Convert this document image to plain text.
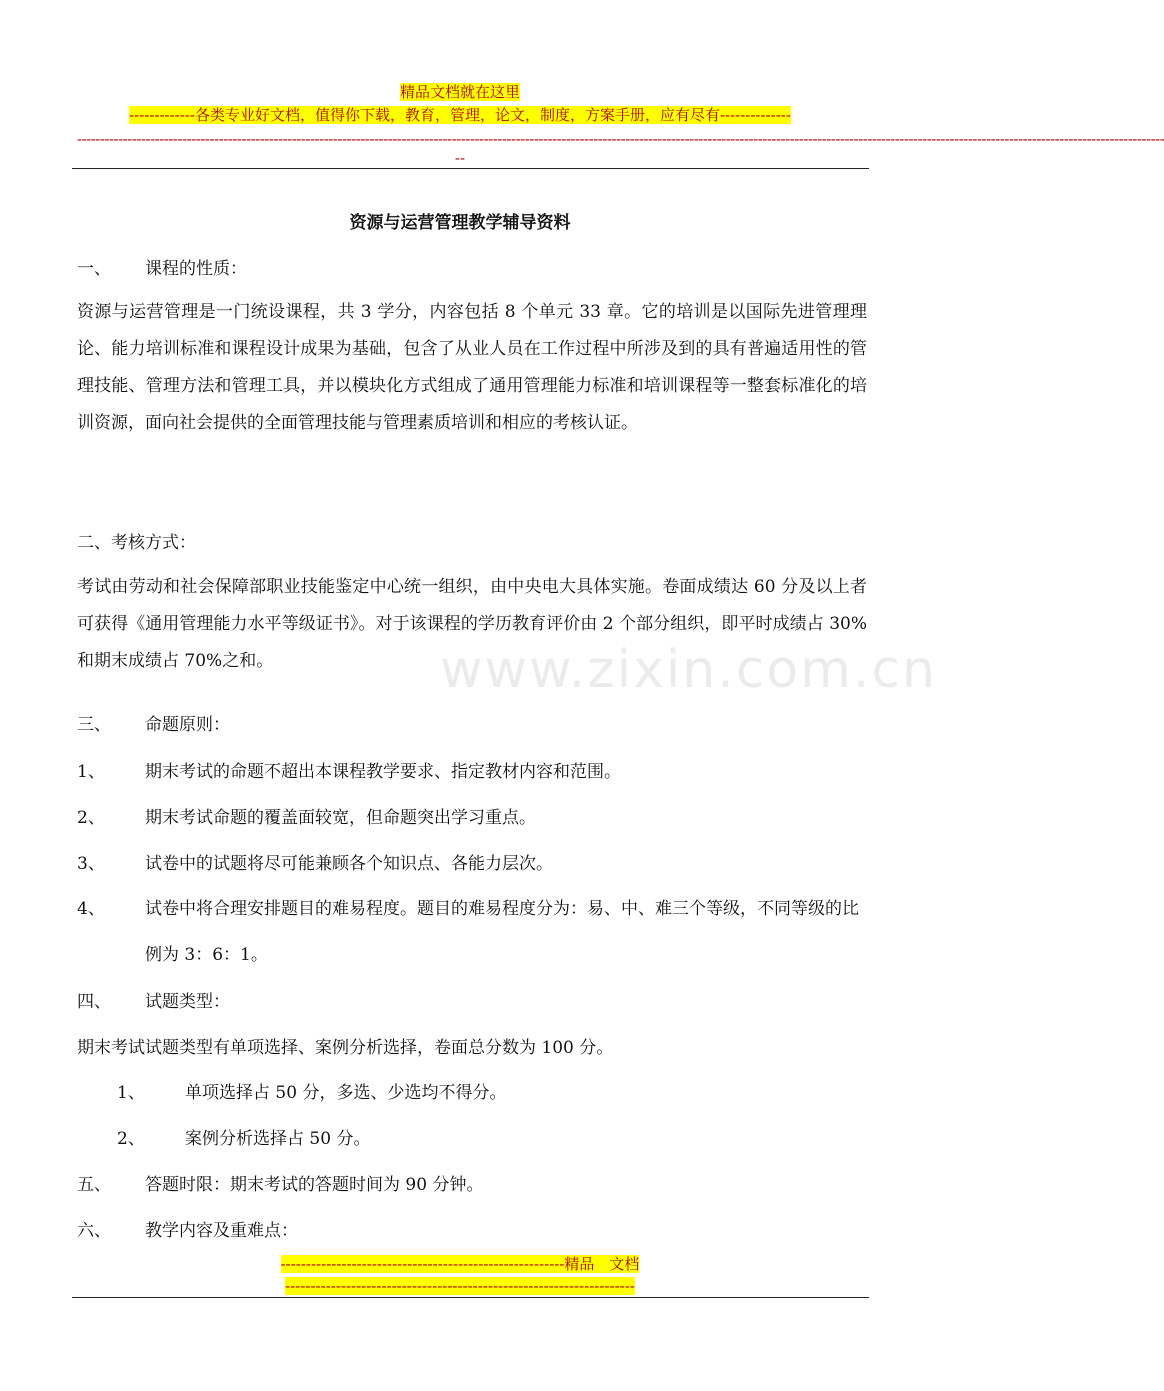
精品文档就在这里
-------------各类专业好文档，值得你下载，教育，管理，论文，制度，方案手册，应有尽有--------------
----------------------------------------------------------------------------------------------------------------------------------------------------------------------------------------------------------------------------------------------
--
www.zixin.com.cn
资源与运营管理教学辅导资料
一、 课程的性质：

资源与运营管理是一门统设课程，共 3 学分，内容包括 8 个单元 33 章。它的培训是以国际先进管理理论、能力培训标准和课程设计成果为基础，包含了从业人员在工作过程中所涉及到的具有普遍适用性的管理技能、管理方法和管理工具，并以模块化方式组成了通用管理能力标准和培训课程等一整套标准化的培训资源，面向社会提供的全面管理技能与管理素质培训和相应的考核认证。

二、考核方式：

考试由劳动和社会保障部职业技能鉴定中心统一组织，由中央电大具体实施。卷面成绩达 60 分及以上者可获得《通用管理能力水平等级证书》。对于该课程的学历教育评价由 2 个部分组织，即平时成绩占 30%和期末成绩占 70%之和。

三、 命题原则：
1、 期末考试的命题不超出本课程教学要求、指定教材内容和范围。
2、 期末考试命题的覆盖面较宽，但命题突出学习重点。
3、 试卷中的试题将尽可能兼顾各个知识点、各能力层次。
4、 试卷中将合理安排题目的难易程度。题目的难易程度分为：易、中、难三个等级，不同等级的比例为 3：6：1。
四、 试题类型：
期末考试试题类型有单项选择、案例分析选择，卷面总分数为 100 分。
1、 单项选择占 50 分，多选、少选均不得分。
2、 案例分析选择占 50 分。
五、 答题时限：期末考试的答题时间为 90 分钟。
六、 教学内容及重难点：
--------------------------------------------------------精品　文档
---------------------------------------------------------------------
